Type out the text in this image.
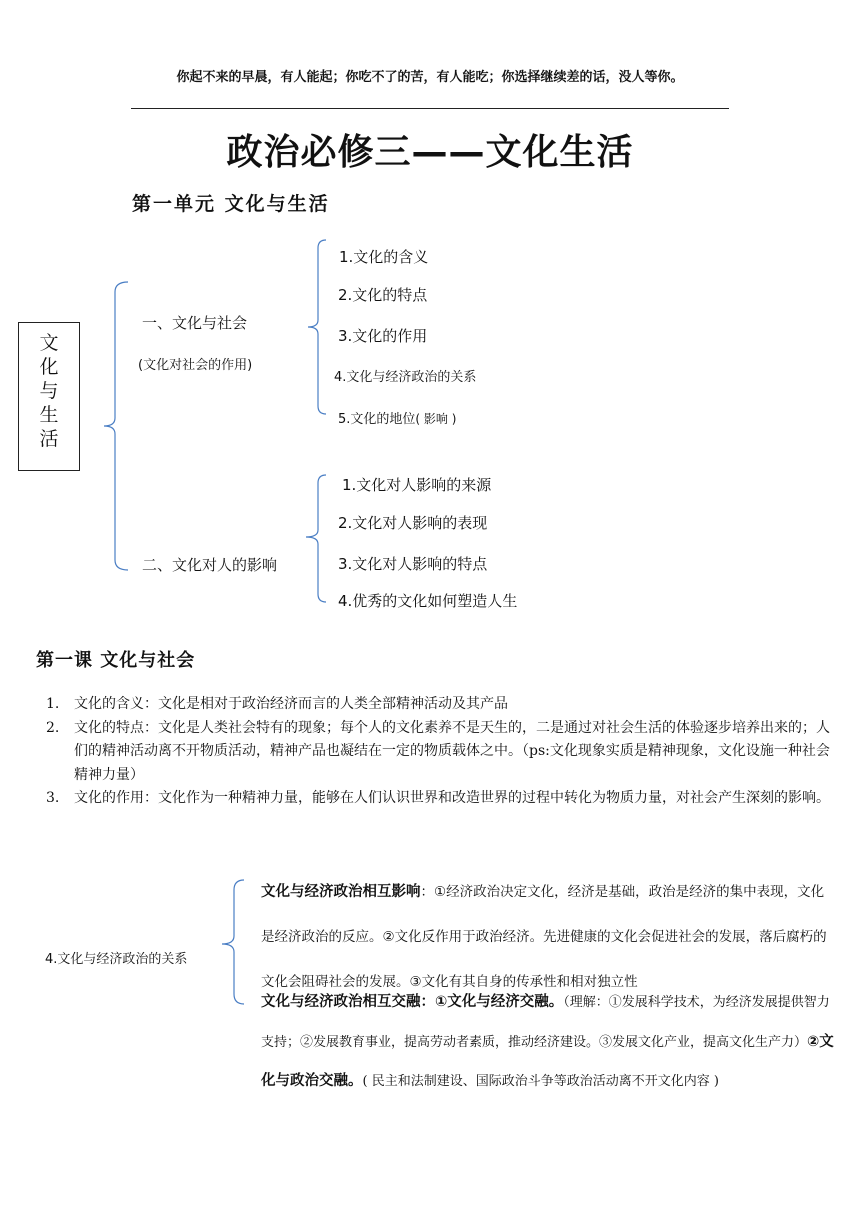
你起不来的早晨，有人能起；你吃不了的苦，有人能吃；你选择继续差的话，没人等你。
政治必修三——文化生活
第一单元 文化与生活
文
化
与
生
活
一、文化与社会
(文化对社会的作用)
1.文化的含义
2.文化的特点
3.文化的作用
4.文化与经济政治的关系
5.文化的地位( 影响 )
二、文化对人的影响
1.文化对人影响的来源
2.文化对人影响的表现
3.文化对人影响的特点
4.优秀的文化如何塑造人生
第一课 文化与社会
1.	文化的含义：文化是相对于政治经济而言的人类全部精神活动及其产品
2.	文化的特点：文化是人类社会特有的现象；每个人的文化素养不是天生的，二是通过对社会生活的体验逐步培养出来的；人们的精神活动离不开物质活动，精神产品也凝结在一定的物质载体之中。（ps:文化现象实质是精神现象，文化设施一种社会精神力量）
3.	文化的作用：文化作为一种精神力量，能够在人们认识世界和改造世界的过程中转化为物质力量，对社会产生深刻的影响。
4.文化与经济政治的关系
文化与经济政治相互影响：①经济政治决定文化，经济是基础，政治是经济的集中表现，文化是经济政治的反应。②文化反作用于政治经济。先进健康的文化会促进社会的发展，落后腐朽的文化会阻碍社会的发展。③文化有其自身的传承性和相对独立性
文化与经济政治相互交融：①文化与经济交融。（理解：①发展科学技术，为经济发展提供智力支持；②发展教育事业，提高劳动者素质，推动经济建设。③发展文化产业，提高文化生产力）②文化与政治交融。( 民主和法制建设、国际政治斗争等政治活动离不开文化内容 )
